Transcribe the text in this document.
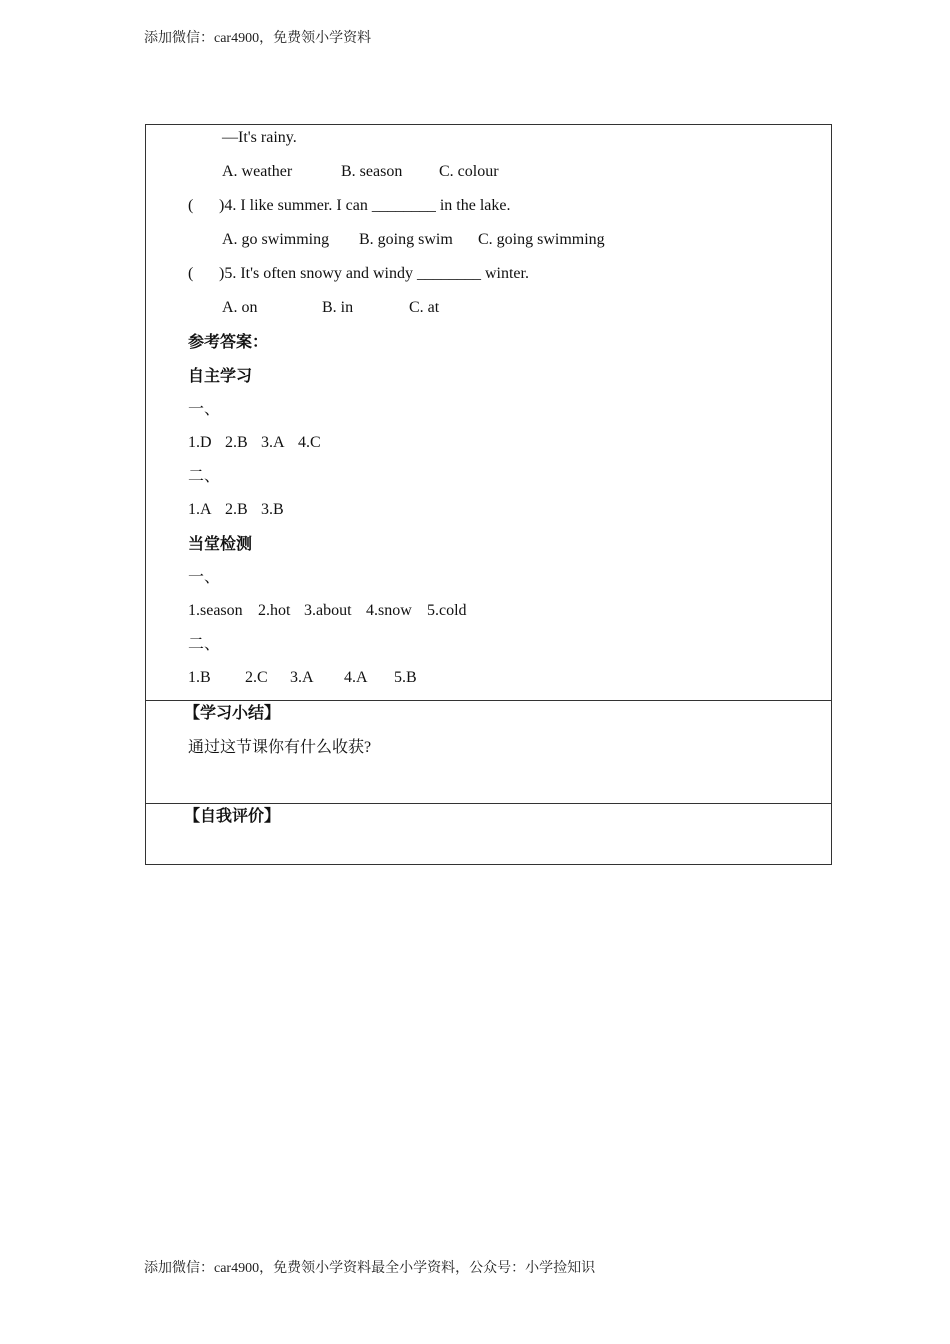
添加微信：car4900，免费领小学资料
—It's rainy.
A. weather	B. season C. colour
( )4. I like summer. I can ________ in the lake.
A. go swimming B. going swim C. going swimming
( )5. It's often snowy and windy ________ winter.
A. on	B. in	C. at
参考答案：
自主学习
一、
1.D 2.B 3.A 4.C
二、
1.A 2.B 3.B
当堂检测
一、
1.season 2.hot 3.about 4.snow 5.cold
二、
1.B 2.C 3.A 4.A 5.B
【学习小结】
通过这节课你有什么收获?
【自我评价】
添加微信：car4900，免费领小学资料最全小学资料，公众号：小学捡知识
